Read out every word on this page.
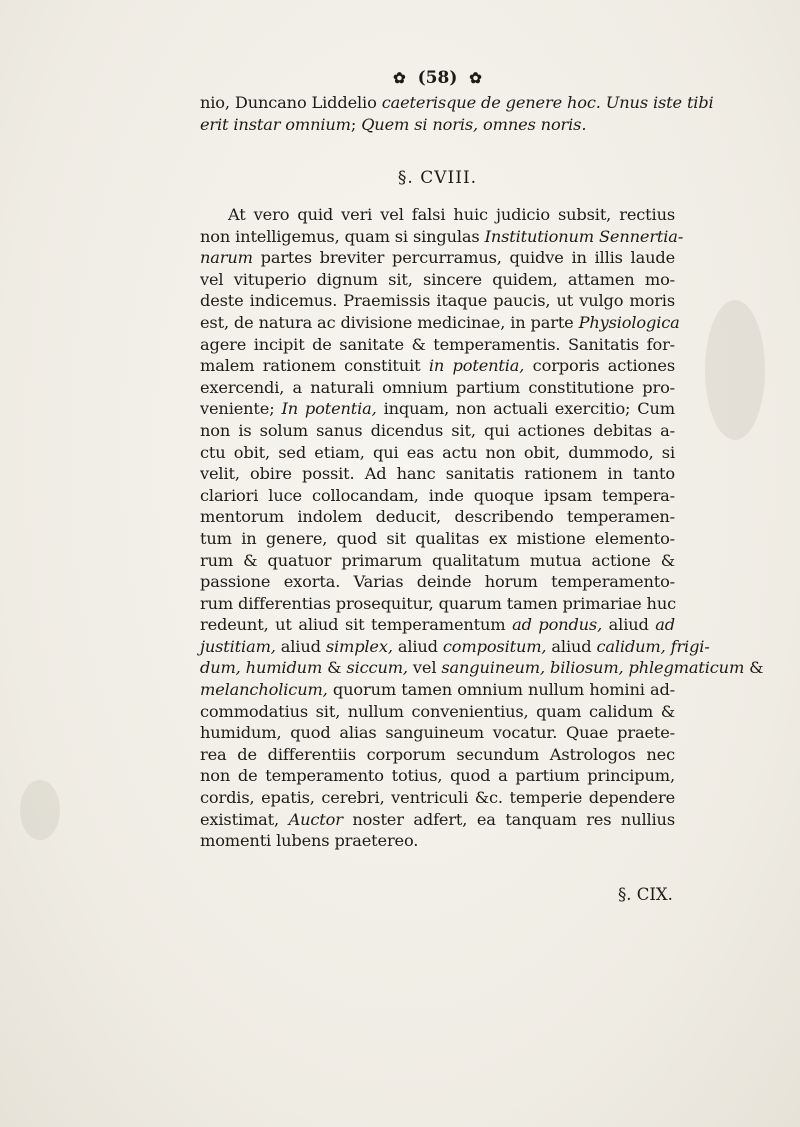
✿ (58) ✿
nio, Duncano Liddelio caeterisque de genere hoc. Unus iste tibi
erit instar omnium; Quem si noris, omnes noris.
§. CVIII.
At vero quid veri vel falsi huic judicio subsit, rectius
non intelligemus, quam si singulas Institutionum Sennertia-
narum partes breviter percurramus, quidve in illis laude
vel vituperio dignum sit, sincere quidem, attamen mo-
deste indicemus. Praemissis itaque paucis, ut vulgo moris
est, de natura ac divisione medicinae, in parte Physiologica
agere incipit de sanitate & temperamentis. Sanitatis for-
malem rationem constituit in potentia, corporis actiones
exercendi, a naturali omnium partium constitutione pro-
veniente; In potentia, inquam, non actuali exercitio; Cum
non is solum sanus dicendus sit, qui actiones debitas a-
ctu obit, sed etiam, qui eas actu non obit, dummodo, si
velit, obire possit. Ad hanc sanitatis rationem in tanto
clariori luce collocandam, inde quoque ipsam tempera-
mentorum indolem deducit, describendo temperamen-
tum in genere, quod sit qualitas ex mistione elemento-
rum & quatuor primarum qualitatum mutua actione &
passione exorta. Varias deinde horum temperamento-
rum differentias prosequitur, quarum tamen primariae huc
redeunt, ut aliud sit temperamentum ad pondus, aliud ad
justitiam, aliud simplex, aliud compositum, aliud calidum, frigi-
dum, humidum & siccum, vel sanguineum, biliosum, phlegmaticum &
melancholicum, quorum tamen omnium nullum homini ad-
commodatius sit, nullum convenientius, quam calidum &
humidum, quod alias sanguineum vocatur. Quae praete-
rea de differentiis corporum secundum Astrologos nec
non de temperamento totius, quod a partium principum,
cordis, epatis, cerebri, ventriculi &c. temperie dependere
existimat, Auctor noster adfert, ea tanquam res nullius
momenti lubens praetereo.
§. CIX.
